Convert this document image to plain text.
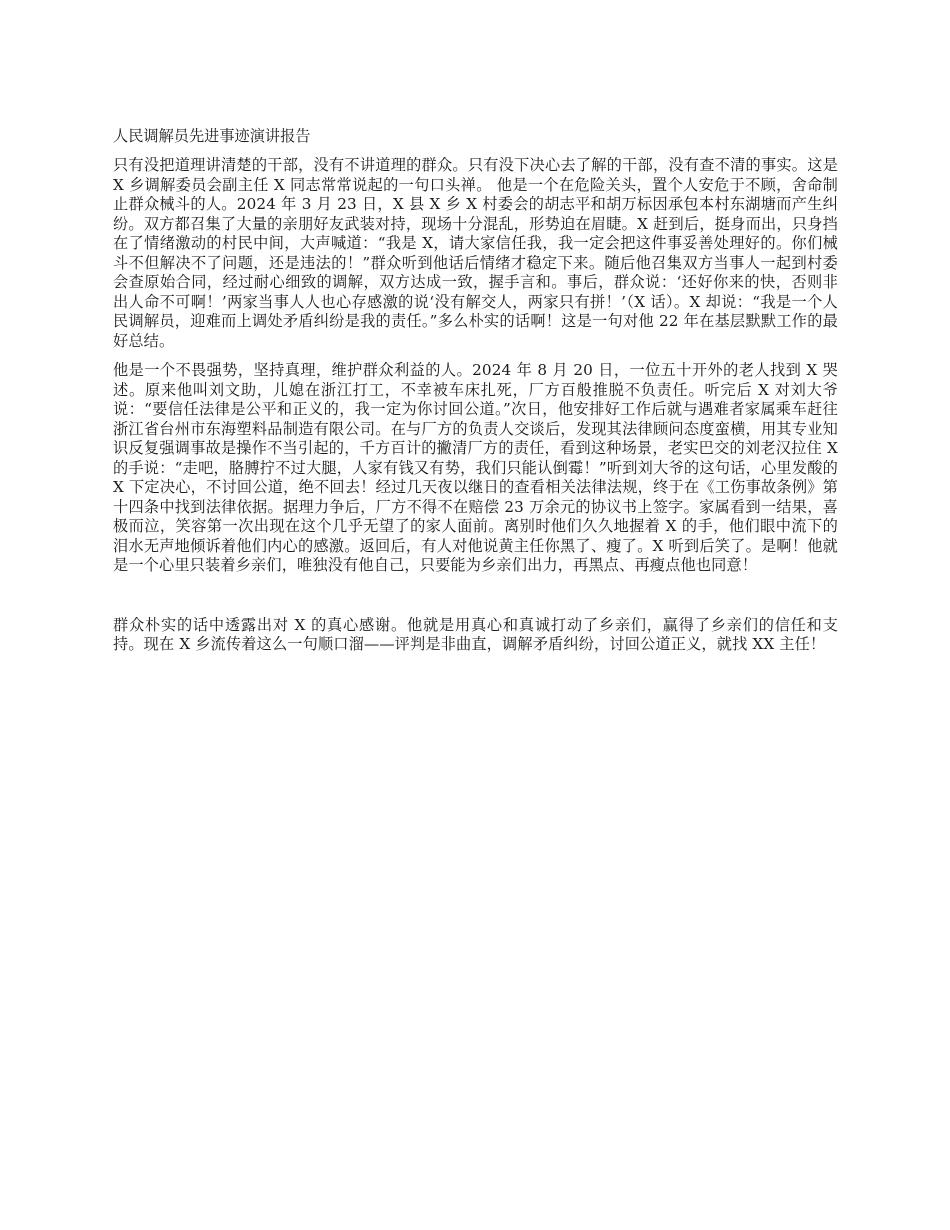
人民调解员先进事迹演讲报告

只有没把道理讲清楚的干部，没有不讲道理的群众。只有没下决心去了解的干部，没有查不清的事实。这是 X 乡调解委员会副主任 X 同志常常说起的一句口头禅。 他是一个在危险关头，置个人安危于不顾，舍命制止群众械斗的人。2024 年 3 月 23 日，X 县 X 乡 X 村委会的胡志平和胡万标因承包本村东湖塘而产生纠纷。双方都召集了大量的亲朋好友武装对持，现场十分混乱，形势迫在眉睫。X 赶到后，挺身而出，只身挡在了情绪激动的村民中间，大声喊道：“我是 X，请大家信任我，我一定会把这件事妥善处理好的。你们械斗不但解决不了问题，还是违法的！”群众听到他话后情绪才稳定下来。随后他召集双方当事人一起到村委会查原始合同，经过耐心细致的调解，双方达成一致，握手言和。事后，群众说：‘还好你来的快，否则非出人命不可啊！’两家当事人人也心存感激的说‘没有解交人，两家只有拼！’（X 话）。X 却说：“我是一个人民调解员，迎难而上调处矛盾纠纷是我的责任。”多么朴实的话啊！这是一句对他 22 年在基层默默工作的最好总结。

他是一个不畏强势，坚持真理，维护群众利益的人。2024 年 8 月 20 日，一位五十开外的老人找到 X 哭述。原来他叫刘文助，儿媳在浙江打工，不幸被车床扎死，厂方百般推脱不负责任。听完后 X 对刘大爷说：“要信任法律是公平和正义的，我一定为你讨回公道。”次日，他安排好工作后就与遇难者家属乘车赶往浙江省台州市东海塑料品制造有限公司。在与厂方的负责人交谈后，发现其法律顾问态度蛮横，用其专业知识反复强调事故是操作不当引起的，千方百计的撇清厂方的责任，看到这种场景，老实巴交的刘老汉拉住 X 的手说：“走吧，胳膊拧不过大腿，人家有钱又有势，我们只能认倒霉！”听到刘大爷的这句话，心里发酸的 X 下定决心，不讨回公道，绝不回去！经过几天夜以继日的查看相关法律法规，终于在《工伤事故条例》第十四条中找到法律依据。据理力争后，厂方不得不在赔偿 23 万余元的协议书上签字。家属看到一结果，喜极而泣，笑容第一次出现在这个几乎无望了的家人面前。离别时他们久久地握着 X 的手，他们眼中流下的泪水无声地倾诉着他们内心的感激。返回后，有人对他说黄主任你黑了、瘦了。X 听到后笑了。是啊！他就是一个心里只装着乡亲们，唯独没有他自己，只要能为乡亲们出力，再黑点、再瘦点他也同意！

群众朴实的话中透露出对 X 的真心感谢。他就是用真心和真诚打动了乡亲们，赢得了乡亲们的信任和支持。现在 X 乡流传着这么一句顺口溜——评判是非曲直，调解矛盾纠纷，讨回公道正义，就找 XX 主任！
